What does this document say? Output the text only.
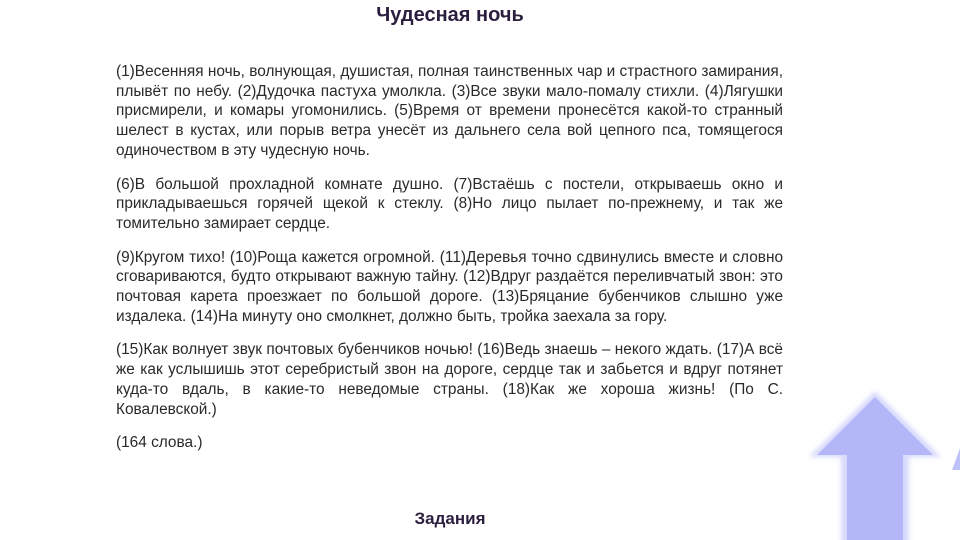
Чудесная ночь

(1)Весенняя ночь, волнующая, душистая, полная таинственных чар и страстного замирания, плывёт по небу. (2)Дудочка пастуха умолкла. (3)Все звуки мало-помалу стихли. (4)Лягушки присмирели, и комары угомонились. (5)Время от времени пронесётся какой-то странный шелест в кустах, или порыв ветра унесёт из дальнего села вой цепного пса, томящегося одиночеством в эту чудесную ночь.

(6)В большой прохладной комнате душно. (7)Встаёшь с постели, открываешь окно и прикладываешься горячей щекой к стеклу. (8)Но лицо пылает по-прежнему, и так же томительно замирает сердце.

(9)Кругом тихо! (10)Роща кажется огромной. (11)Деревья точно сдвинулись вместе и словно сговариваются, будто открывают важную тайну. (12)Вдруг раздаётся переливчатый звон: это почтовая карета проезжает по большой дороге. (13)Бряцание бубенчиков слышно уже издалека. (14)На минуту оно смолкнет, должно быть, тройка заехала за гору.

(15)Как волнует звук почтовых бубенчиков ночью! (16)Ведь знаешь – некого ждать. (17)А всё же как услышишь этот серебристый звон на дороге, сердце так и забьется и вдруг потянет куда-то вдаль, в какие-то неведомые страны. (18)Как же хороша жизнь! (По С. Ковалевской.)

(164 слова.)

Задания
